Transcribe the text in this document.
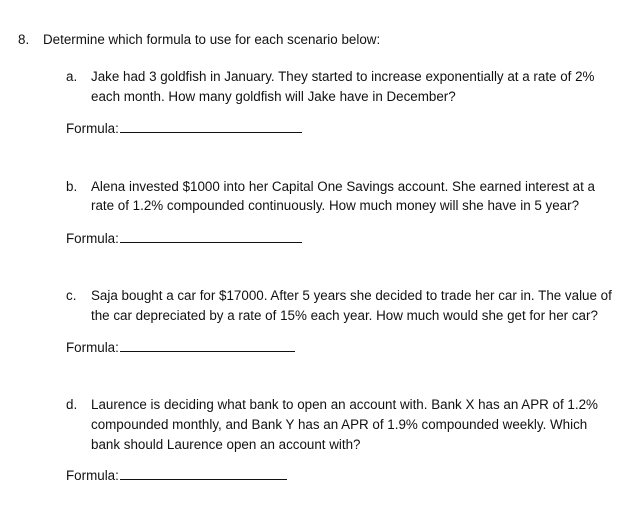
8. Determine which formula to use for each scenario below:
a. Jake had 3 goldfish in January. They started to increase exponentially at a rate of 2%
each month. How many goldfish will Jake have in December?
Formula:
b. Alena invested $1000 into her Capital One Savings account. She earned interest at a
rate of 1.2% compounded continuously. How much money will she have in 5 year?
Formula:
c. Saja bought a car for $17000. After 5 years she decided to trade her car in. The value of
the car depreciated by a rate of 15% each year. How much would she get for her car?
Formula:
d. Laurence is deciding what bank to open an account with. Bank X has an APR of 1.2%
compounded monthly, and Bank Y has an APR of 1.9% compounded weekly. Which
bank should Laurence open an account with?
Formula:
